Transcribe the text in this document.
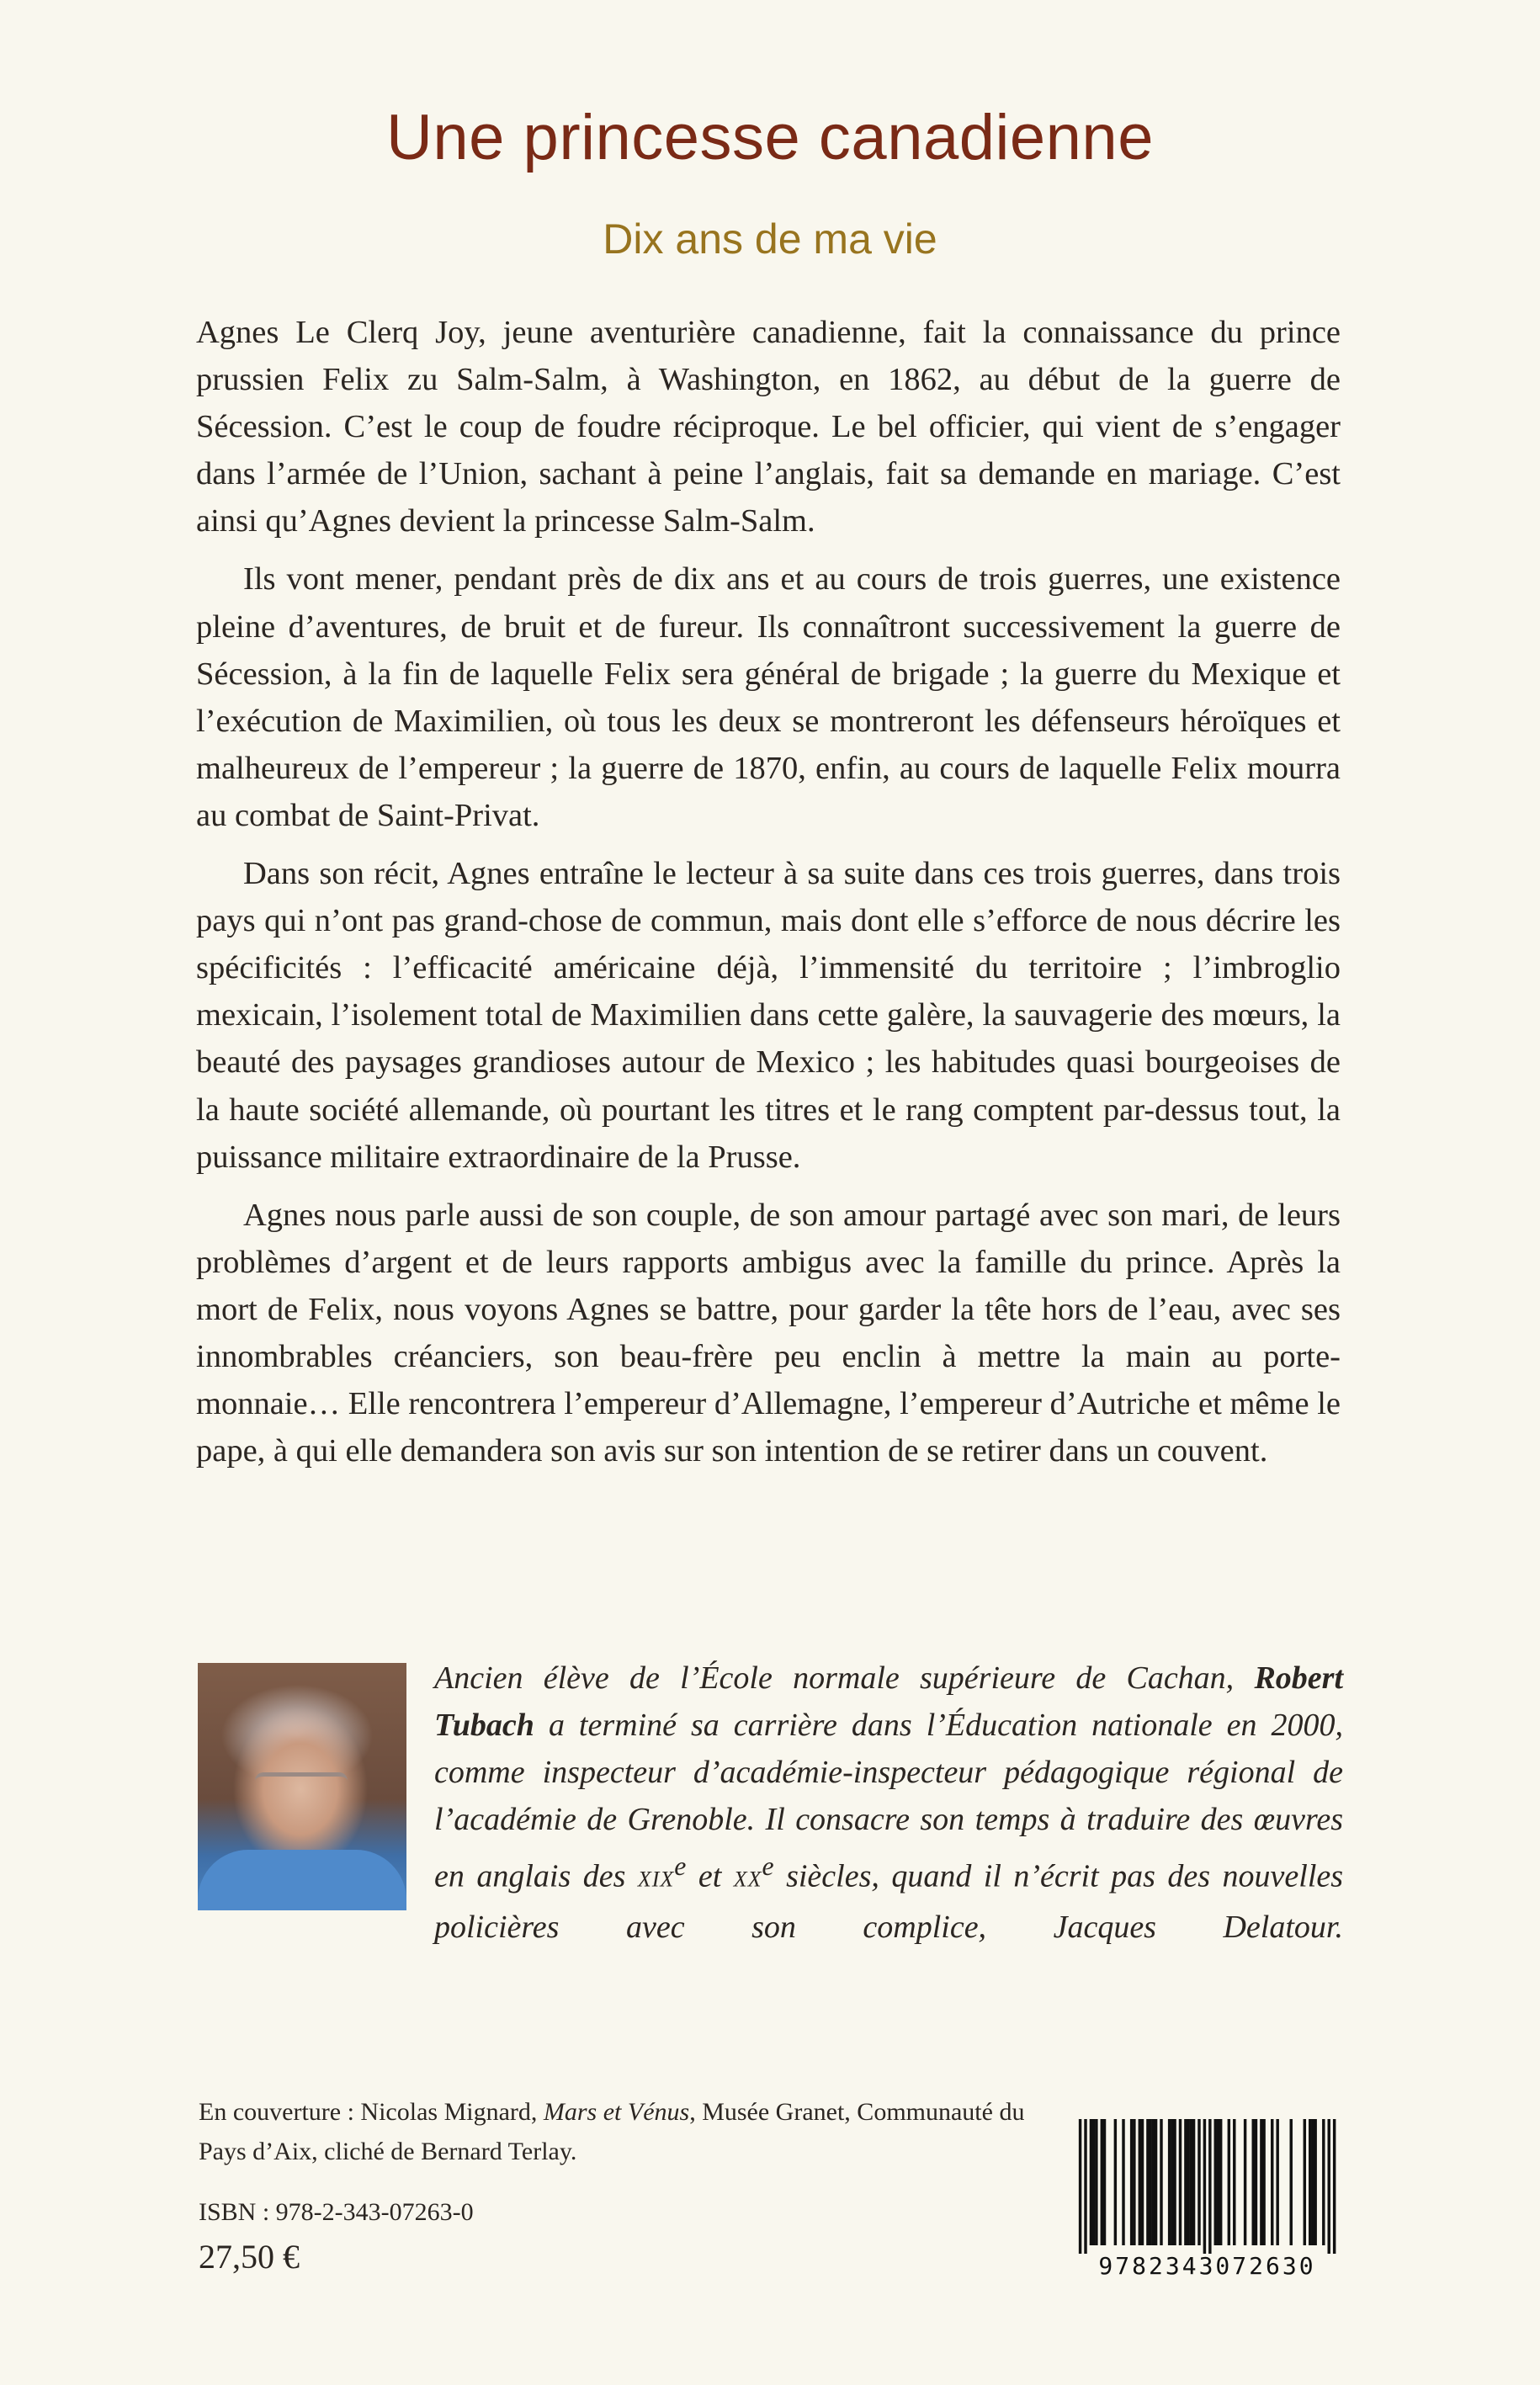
Une princesse canadienne
Dix ans de ma vie

Agnes Le Clerq Joy, jeune aventurière canadienne, fait la connaissance du prince prussien Felix zu Salm-Salm, à Washington, en 1862, au début de la guerre de Sécession. C’est le coup de foudre réciproque. Le bel officier, qui vient de s’engager dans l’armée de l’Union, sachant à peine l’anglais, fait sa demande en mariage. C’est ainsi qu’Agnes devient la princesse Salm-Salm.

Ils vont mener, pendant près de dix ans et au cours de trois guerres, une existence pleine d’aventures, de bruit et de fureur. Ils connaîtront successivement la guerre de Sécession, à la fin de laquelle Felix sera général de brigade ; la guerre du Mexique et l’exécution de Maximilien, où tous les deux se montreront les défenseurs héroïques et malheureux de l’empereur ; la guerre de 1870, enfin, au cours de laquelle Felix mourra au combat de Saint-Privat.

Dans son récit, Agnes entraîne le lecteur à sa suite dans ces trois guerres, dans trois pays qui n’ont pas grand-chose de commun, mais dont elle s’efforce de nous décrire les spécificités : l’efficacité américaine déjà, l’immensité du territoire ; l’imbroglio mexicain, l’isolement total de Maximilien dans cette galère, la sauvagerie des mœurs, la beauté des paysages grandioses autour de Mexico ; les habitudes quasi bourgeoises de la haute société allemande, où pourtant les titres et le rang comptent par-dessus tout, la puissance militaire extraordinaire de la Prusse.

Agnes nous parle aussi de son couple, de son amour partagé avec son mari, de leurs problèmes d’argent et de leurs rapports ambigus avec la famille du prince. Après la mort de Felix, nous voyons Agnes se battre, pour garder la tête hors de l’eau, avec ses innombrables créanciers, son beau-frère peu enclin à mettre la main au porte-monnaie… Elle rencontrera l’empereur d’Allemagne, l’empereur d’Autriche et même le pape, à qui elle demandera son avis sur son intention de se retirer dans un couvent.

Ancien élève de l’École normale supérieure de Cachan, Robert Tubach a terminé sa carrière dans l’Éducation nationale en 2000, comme inspecteur d’académie-inspecteur pédagogique régional de l’académie de Grenoble. Il consacre son temps à traduire des œuvres en anglais des XIXe et XXe siècles, quand il n’écrit pas des nouvelles policières avec son complice, Jacques Delatour.
En couverture : Nicolas Mignard, Mars et Vénus, Musée Granet, Communauté du Pays d’Aix, cliché de Bernard Terlay.
ISBN : 978-2-343-07263-0
27,50 €	9782343072630
